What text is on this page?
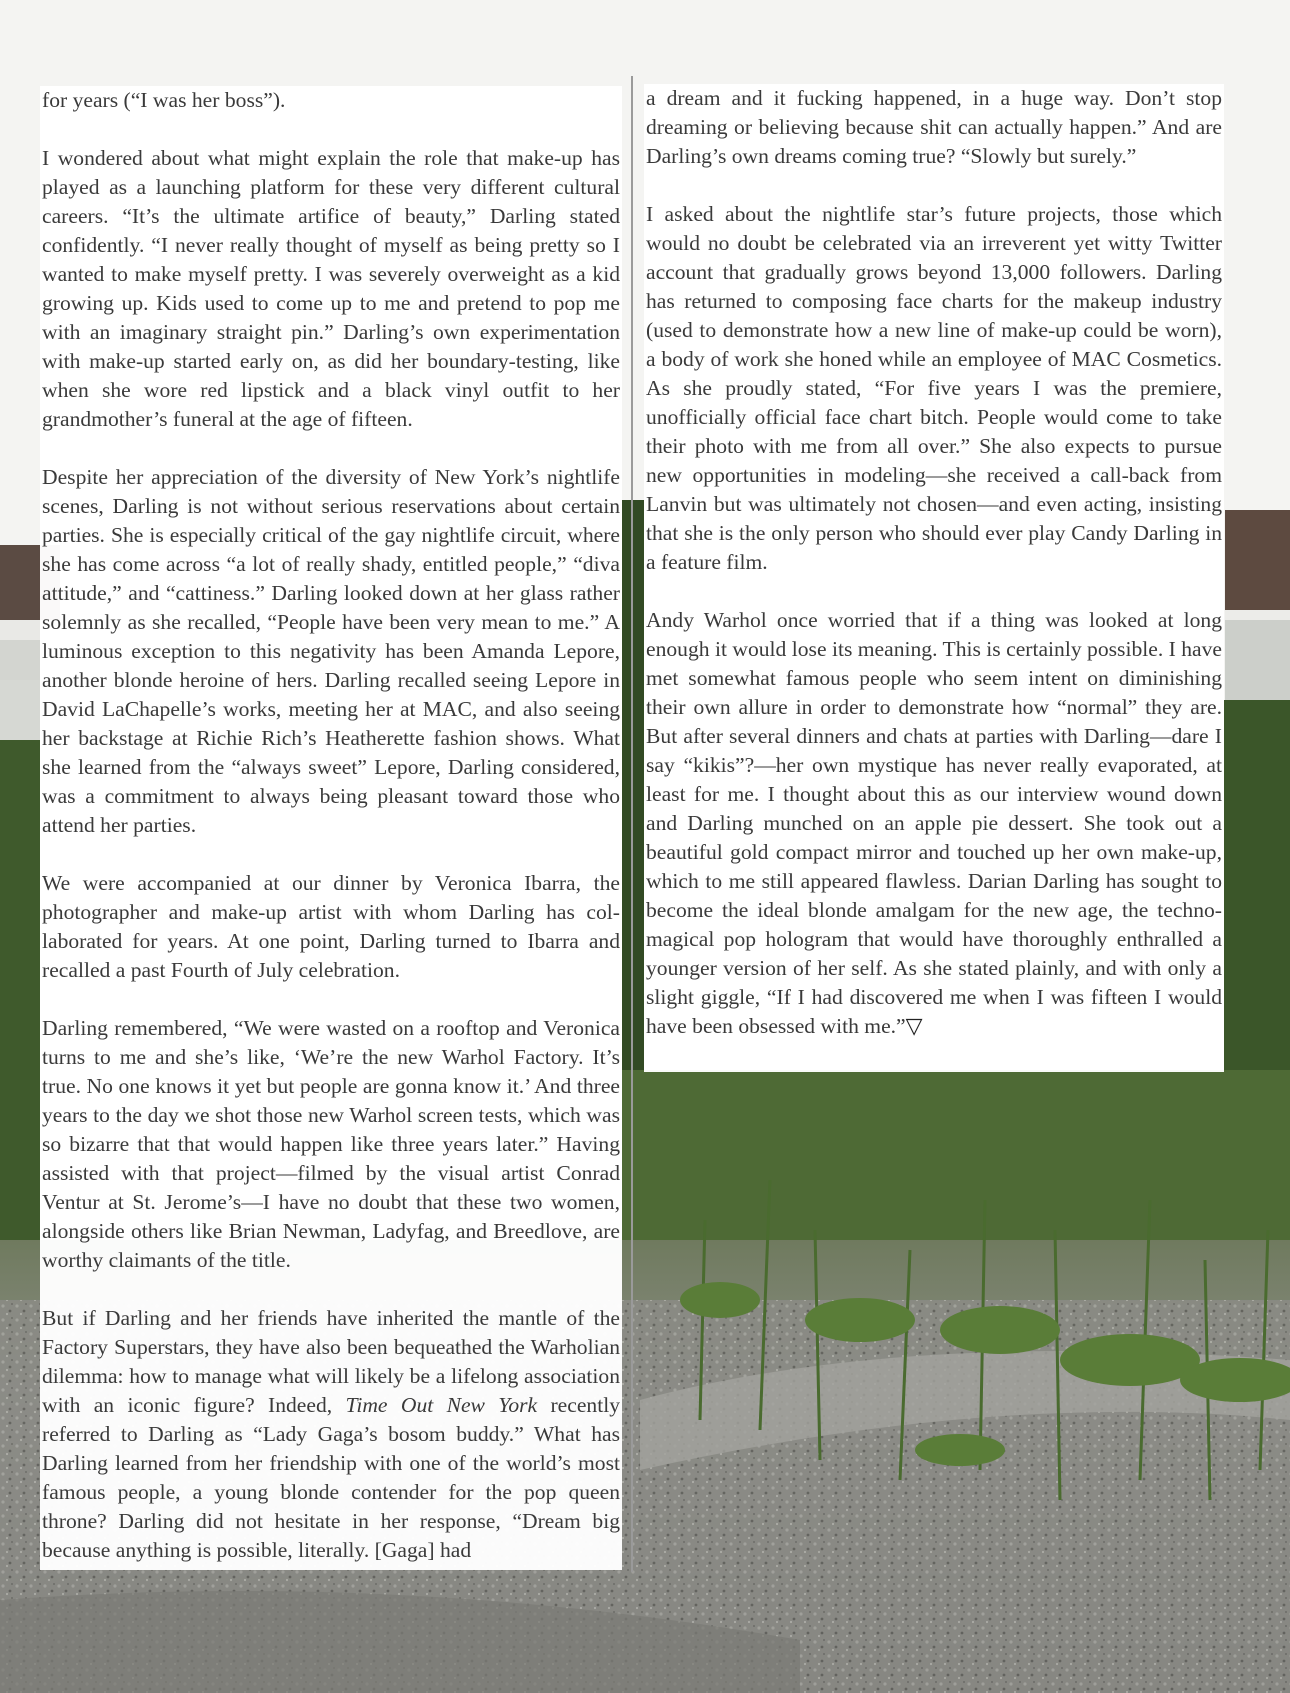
for years (“I was her boss”).

I wondered about what might explain the role that make-up has played as a launching platform for these very different cultural careers. “It’s the ultimate artifice of beauty,” Darling stated confidently. “I never really thought of myself as being pretty so I wanted to make myself pretty. I was severely overweight as a kid growing up. Kids used to come up to me and pretend to pop me with an imaginary straight pin.” Darling’s own experimentation with make-up started early on, as did her boundary-testing, like when she wore red lipstick and a black vinyl outfit to her grandmother’s funeral at the age of fifteen.

Despite her appreciation of the diversity of New York’s nightlife scenes, Darling is not without serious reservations about certain parties. She is especially critical of the gay nightlife circuit, where she has come across “a lot of really shady, entitled people,” “diva attitude,” and “cattiness.” Darling looked down at her glass rather solemnly as she recalled, “People have been very mean to me.” A luminous exception to this negativity has been Amanda Lepore, another blonde heroine of hers. Darling recalled seeing Lepore in David LaChapelle’s works, meeting her at MAC, and also seeing her backstage at Richie Rich’s Heatherette fashion shows. What she learned from the “always sweet” Lepore, Darling considered, was a commitment to always being pleasant toward those who attend her parties.

We were accompanied at our dinner by Veronica Ibarra, the photographer and make-up artist with whom Darling has collaborated for years. At one point, Darling turned to Ibarra and recalled a past Fourth of July celebration.

Darling remembered, “We were wasted on a rooftop and Veronica turns to me and she’s like, ‘We’re the new Warhol Factory. It’s true. No one knows it yet but people are gonna know it.’ And three years to the day we shot those new Warhol screen tests, which was so bizarre that that would happen like three years later.” Having assisted with that project—filmed by the visual artist Conrad Ventur at St. Jerome’s—I have no doubt that these two women, alongside others like Brian Newman, Ladyfag, and Breedlove, are worthy claimants of the title.

But if Darling and her friends have inherited the mantle of the Factory Superstars, they have also been bequeathed the Warholian dilemma: how to manage what will likely be a lifelong association with an iconic figure? Indeed, Time Out New York recently referred to Darling as “Lady Gaga’s bosom buddy.” What has Darling learned from her friendship with one of the world’s most famous people, a young blonde contender for the pop queen throne? Darling did not hesitate in her response, “Dream big because anything is possible, literally. [Gaga] had

a dream and it fucking happened, in a huge way. Don’t stop dreaming or believing because shit can actually happen.” And are Darling’s own dreams coming true? “Slowly but surely.”

I asked about the nightlife star’s future projects, those which would no doubt be celebrated via an irreverent yet witty Twitter account that gradually grows beyond 13,000 followers. Darling has returned to composing face charts for the makeup industry (used to demonstrate how a new line of make-up could be worn), a body of work she honed while an employee of MAC Cosmetics. As she proudly stated, “For five years I was the premiere, unofficially official face chart bitch. People would come to take their photo with me from all over.” She also expects to pursue new opportunities in modeling—she received a call-back from Lanvin but was ultimately not chosen—and even acting, insisting that she is the only person who should ever play Candy Darling in a feature film.

Andy Warhol once worried that if a thing was looked at long enough it would lose its meaning. This is certainly possible. I have met somewhat famous people who seem intent on diminishing their own allure in order to demonstrate how “normal” they are. But after several dinners and chats at parties with Darling—dare I say “kikis”?—her own mystique has never really evaporated, at least for me. I thought about this as our interview wound down and Darling munched on an apple pie dessert. She took out a beautiful gold compact mirror and touched up her own make-up, which to me still appeared flawless. Darian Darling has sought to become the ideal blonde amalgam for the new age, the techno-magical pop hologram that would have thoroughly enthralled a younger version of her self. As she stated plainly, and with only a slight giggle, “If I had discovered me when I was fifteen I would have been obsessed with me.”▽
